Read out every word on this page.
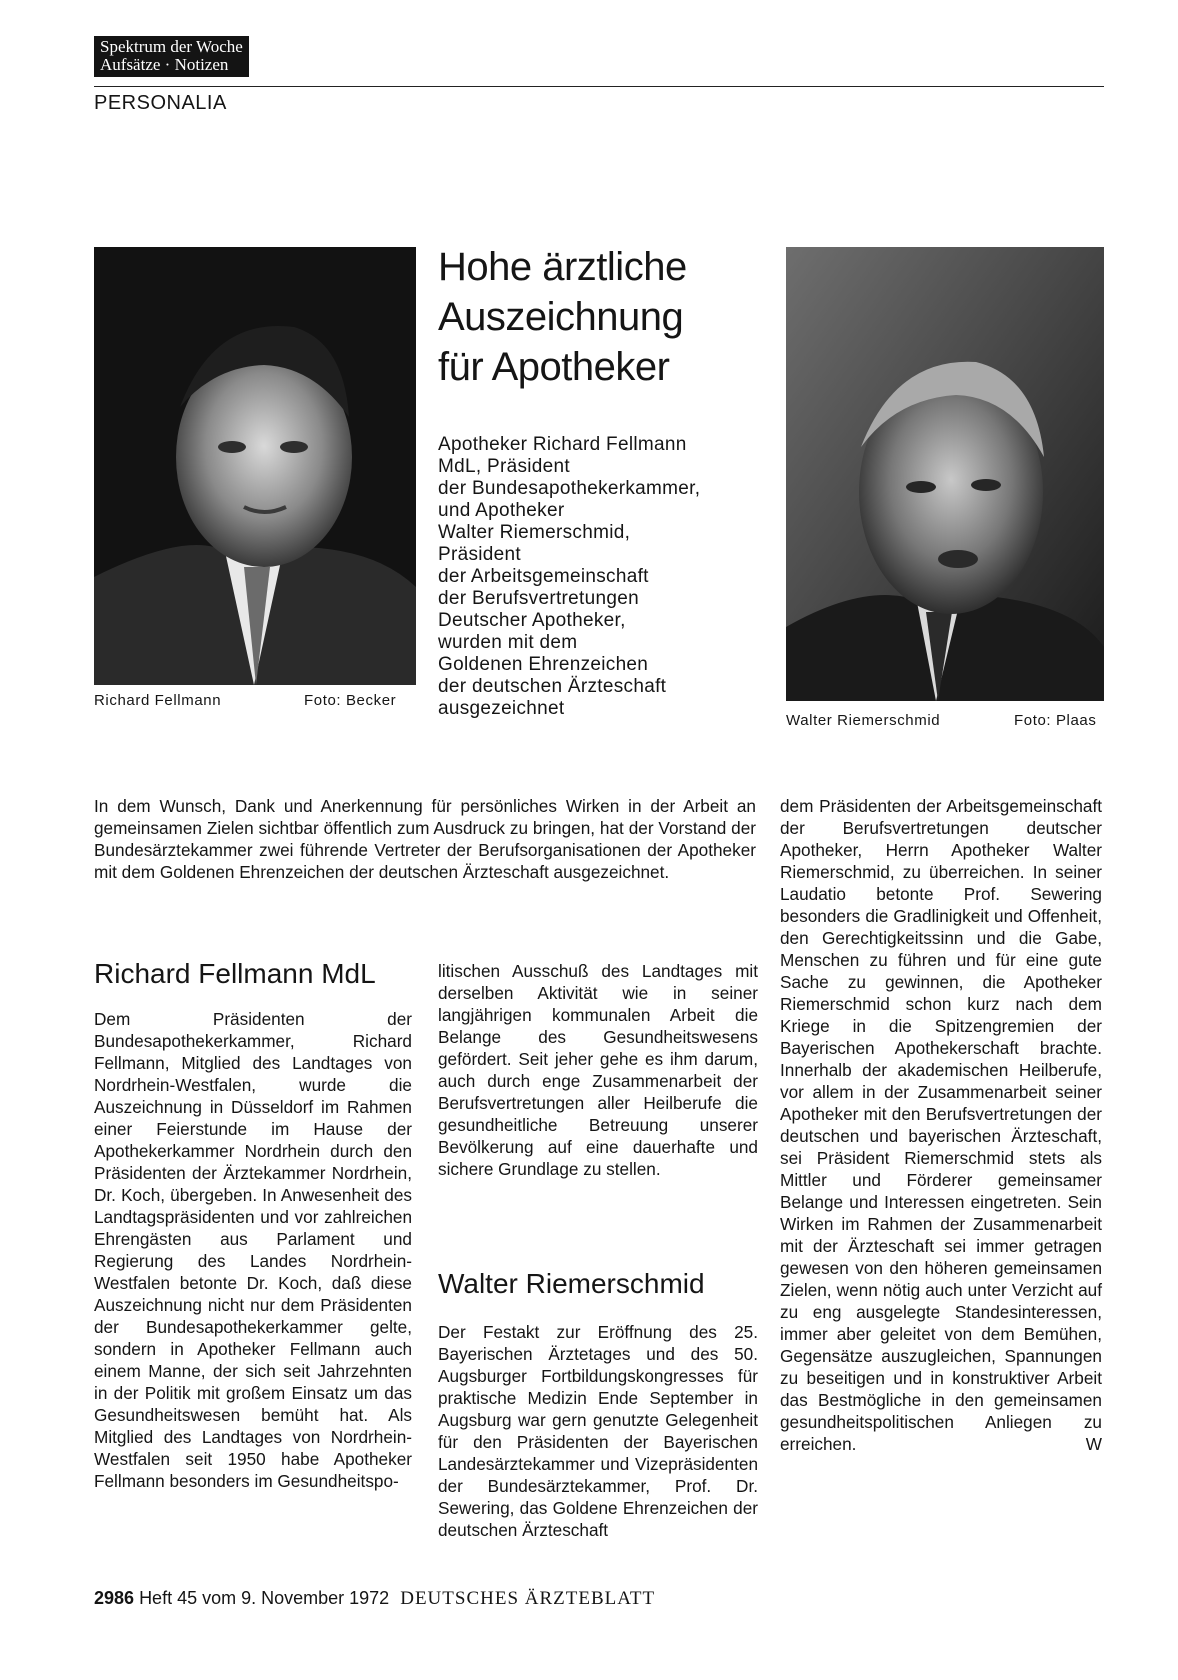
Spektrum der Woche
Aufsätze · Notizen
PERSONALIA
Richard Fellmann	Foto: Becker
Hohe ärztliche
Auszeichnung
für Apotheker
Apotheker Richard Fellmann
MdL, Präsident
der Bundesapothekerkammer,
und Apotheker
Walter Riemerschmid,
Präsident
der Arbeitsgemeinschaft
der Berufsvertretungen
Deutscher Apotheker,
wurden mit dem
Goldenen Ehrenzeichen
der deutschen Ärzteschaft
ausgezeichnet
Walter Riemerschmid	Foto: Plaas

In dem Wunsch, Dank und Anerkennung für persönliches Wirken in der Arbeit an gemeinsamen Zielen sichtbar öffentlich zum Ausdruck zu bringen, hat der Vorstand der Bundesärztekammer zwei führende Vertreter der Berufsorganisationen der Apotheker mit dem Goldenen Ehrenzeichen der deutschen Ärzteschaft ausgezeichnet.

Richard Fellmann MdL

Dem Präsidenten der Bundesapothekerkammer, Richard Fellmann, Mitglied des Landtages von Nordrhein-Westfalen, wurde die Auszeichnung in Düsseldorf im Rahmen einer Feierstunde im Hause der Apothekerkammer Nordrhein durch den Präsidenten der Ärztekammer Nordrhein, Dr. Koch, übergeben. In Anwesenheit des Landtagspräsidenten und vor zahlreichen Ehrengästen aus Parlament und Regierung des Landes Nordrhein-Westfalen betonte Dr. Koch, daß diese Auszeichnung nicht nur dem Präsidenten der Bundesapothekerkammer gelte, sondern in Apotheker Fellmann auch einem Manne, der sich seit Jahrzehnten in der Politik mit großem Einsatz um das Gesundheitswesen bemüht hat. Als Mitglied des Landtages von Nordrhein-Westfalen seit 1950 habe Apotheker Fellmann besonders im Gesundheitspo-

litischen Ausschuß des Landtages mit derselben Aktivität wie in seiner langjährigen kommunalen Arbeit die Belange des Gesundheitswesens gefördert. Seit jeher gehe es ihm darum, auch durch enge Zusammenarbeit der Berufsvertretungen aller Heilberufe die gesundheitliche Betreuung unserer Bevölkerung auf eine dauerhafte und sichere Grundlage zu stellen.

Walter Riemerschmid

Der Festakt zur Eröffnung des 25. Bayerischen Ärztetages und des 50. Augsburger Fortbildungskongresses für praktische Medizin Ende September in Augsburg war gern genutzte Gelegenheit für den Präsidenten der Bayerischen Landesärztekammer und Vizepräsidenten der Bundesärztekammer, Prof. Dr. Sewering, das Goldene Ehrenzeichen der deutschen Ärzteschaft

dem Präsidenten der Arbeitsgemeinschaft der Berufsvertretungen deutscher Apotheker, Herrn Apotheker Walter Riemerschmid, zu überreichen. In seiner Laudatio betonte Prof. Sewering besonders die Gradlinigkeit und Offenheit, den Gerechtigkeitssinn und die Gabe, Menschen zu führen und für eine gute Sache zu gewinnen, die Apotheker Riemerschmid schon kurz nach dem Kriege in die Spitzengremien der Bayerischen Apothekerschaft brachte. Innerhalb der akademischen Heilberufe, vor allem in der Zusammenarbeit seiner Apotheker mit den Berufsvertretungen der deutschen und bayerischen Ärzteschaft, sei Präsident Riemerschmid stets als Mittler und Förderer gemeinsamer Belange und Interessen eingetreten. Sein Wirken im Rahmen der Zusammenarbeit mit der Ärzteschaft sei immer getragen gewesen von den höheren gemeinsamen Zielen, wenn nötig auch unter Verzicht auf zu eng ausgelegte Standesinteressen, immer aber geleitet von dem Bemühen, Gegensätze auszugleichen, Spannungen zu beseitigen und in konstruktiver Arbeit das Bestmögliche in den gemeinsamen gesundheitspolitischen Anliegen zu erreichen.	W

2986 Heft 45 vom 9. November 1972 DEUTSCHES ÄRZTEBLATT
